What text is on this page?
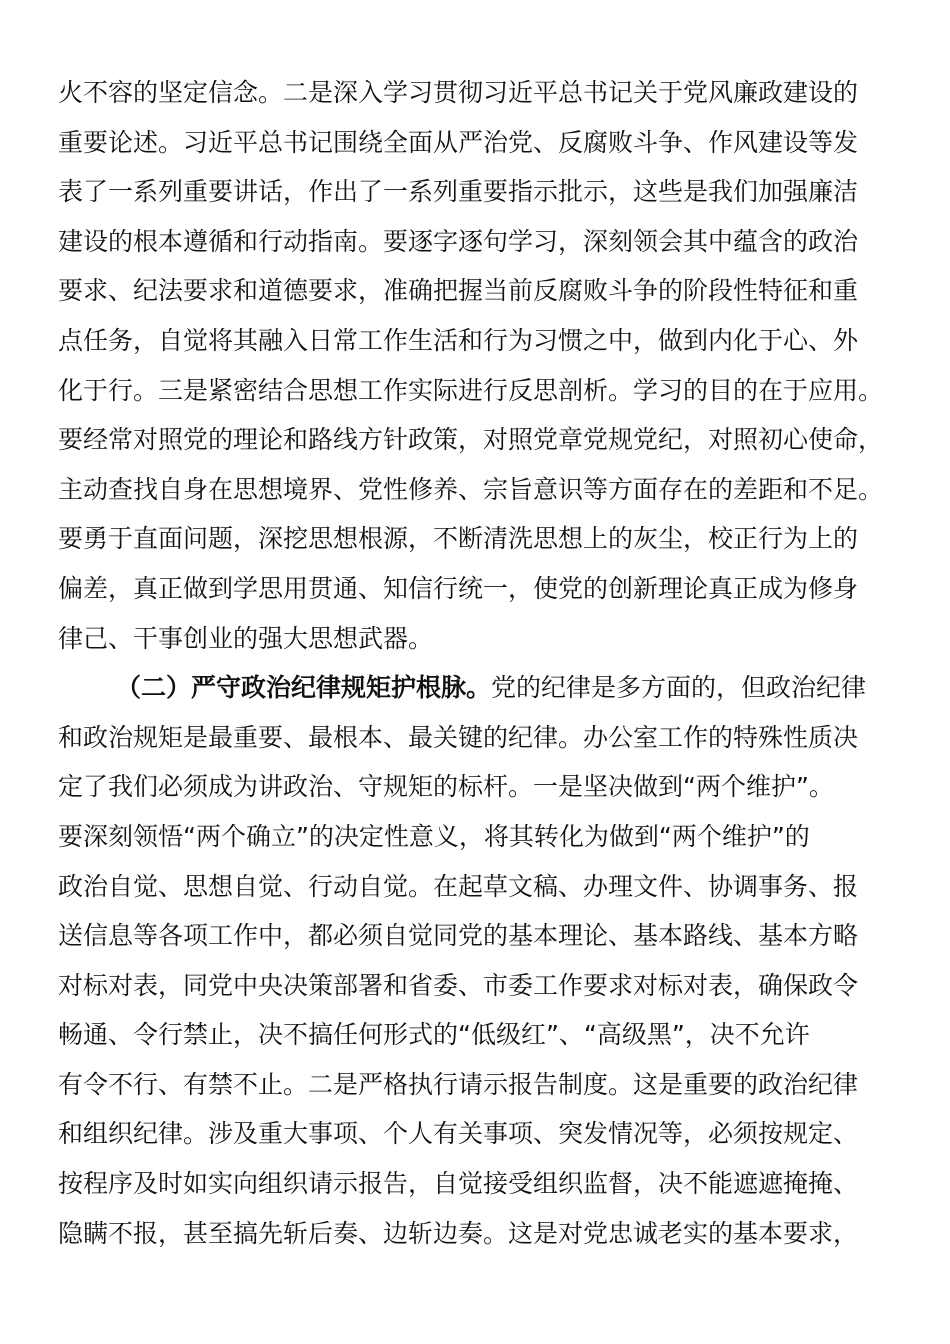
火不容的坚定信念。二是深入学习贯彻习近平总书记关于党风廉政建设的
重要论述。习近平总书记围绕全面从严治党、反腐败斗争、作风建设等发
表了一系列重要讲话，作出了一系列重要指示批示，这些是我们加强廉洁
建设的根本遵循和行动指南。要逐字逐句学习，深刻领会其中蕴含的政治
要求、纪法要求和道德要求，准确把握当前反腐败斗争的阶段性特征和重
点任务，自觉将其融入日常工作生活和行为习惯之中，做到内化于心、外
化于行。三是紧密结合思想工作实际进行反思剖析。学习的目的在于应用。
要经常对照党的理论和路线方针政策，对照党章党规党纪，对照初心使命，
主动查找自身在思想境界、党性修养、宗旨意识等方面存在的差距和不足。
要勇于直面问题，深挖思想根源，不断清洗思想上的灰尘，校正行为上的
偏差，真正做到学思用贯通、知信行统一，使党的创新理论真正成为修身
律己、干事创业的强大思想武器。
（二）严守政治纪律规矩护根脉。党的纪律是多方面的，但政治纪律
和政治规矩是最重要、最根本、最关键的纪律。办公室工作的特殊性质决
定了我们必须成为讲政治、守规矩的标杆。一是坚决做到“两个维护”。
要深刻领悟“两个确立”的决定性意义，将其转化为做到“两个维护”的
政治自觉、思想自觉、行动自觉。在起草文稿、办理文件、协调事务、报
送信息等各项工作中，都必须自觉同党的基本理论、基本路线、基本方略
对标对表，同党中央决策部署和省委、市委工作要求对标对表，确保政令
畅通、令行禁止，决不搞任何形式的“低级红”、“高级黑”，决不允许
有令不行、有禁不止。二是严格执行请示报告制度。这是重要的政治纪律
和组织纪律。涉及重大事项、个人有关事项、突发情况等，必须按规定、
按程序及时如实向组织请示报告，自觉接受组织监督，决不能遮遮掩掩、
隐瞒不报，甚至搞先斩后奏、边斩边奏。这是对党忠诚老实的基本要求，
